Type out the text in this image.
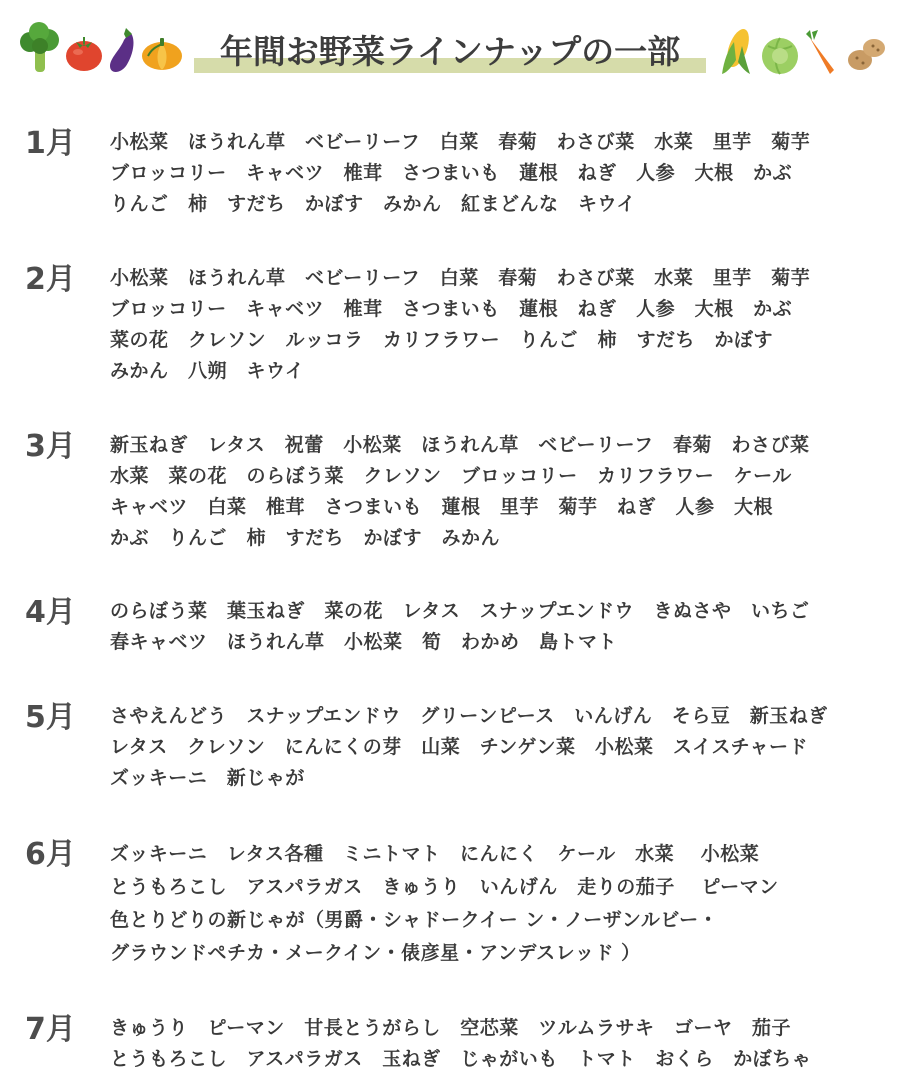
年間お野菜ラインナップの一部
1月 小松菜　ほうれん草　ベビーリーフ　白菜　春菊　わさび菜　水菜　里芋　菊芋
ブロッコリー　キャベツ　椎茸　さつまいも　蓮根　ねぎ　人参　大根　かぶ
りんご　柿　すだち　かぼす　みかん　紅まどんな　キウイ
2月 小松菜　ほうれん草　ベビーリーフ　白菜　春菊　わさび菜　水菜　里芋　菊芋
ブロッコリー　キャベツ　椎茸　さつまいも　蓮根　ねぎ　人参　大根　かぶ
菜の花　クレソン　ルッコラ　カリフラワー　りんご　柿　すだち　かぼす
みかん　八朔　キウイ
3月 新玉ねぎ　レタス　祝蕾　小松菜　ほうれん草　ベビーリーフ　春菊　わさび菜
水菜　菜の花　のらぼう菜　クレソン　ブロッコリー　カリフラワー　ケール
キャベツ　白菜　椎茸　さつまいも　蓮根　里芋　菊芋　ねぎ　人参　大根
かぶ　りんご　柿　すだち　かぼす　みかん
4月 のらぼう菜　葉玉ねぎ　菜の花　レタス　スナップエンドウ　きぬさや　いちご
春キャベツ　ほうれん草　小松菜　筍　わかめ　島トマト
5月 さやえんどう　スナップエンドウ　グリーンピース　いんげん　そら豆　新玉ねぎ
レタス　クレソン　にんにくの芽　山菜　チンゲン菜　小松菜　スイスチャード
ズッキーニ　新じゃが
6月 ズッキーニ　レタス各種　ミニトマト　にんにく　ケール　水菜　 小松菜
とうもろこし　アスパラガス　きゅうり　いんげん　走りの茄子　 ピーマン
色とりどりの新じゃが（男爵・シャドークイー ン・ノーザンルビー・
グラウンドペチカ・メークイン・俵彦星・アンデスレッド ）
7月 きゅうり　ピーマン　甘長とうがらし　空芯菜　ツルムラサキ　ゴーヤ　茄子
とうもろこし　アスパラガス　玉ねぎ　じゃがいも　トマト　おくら　かぼちゃ
